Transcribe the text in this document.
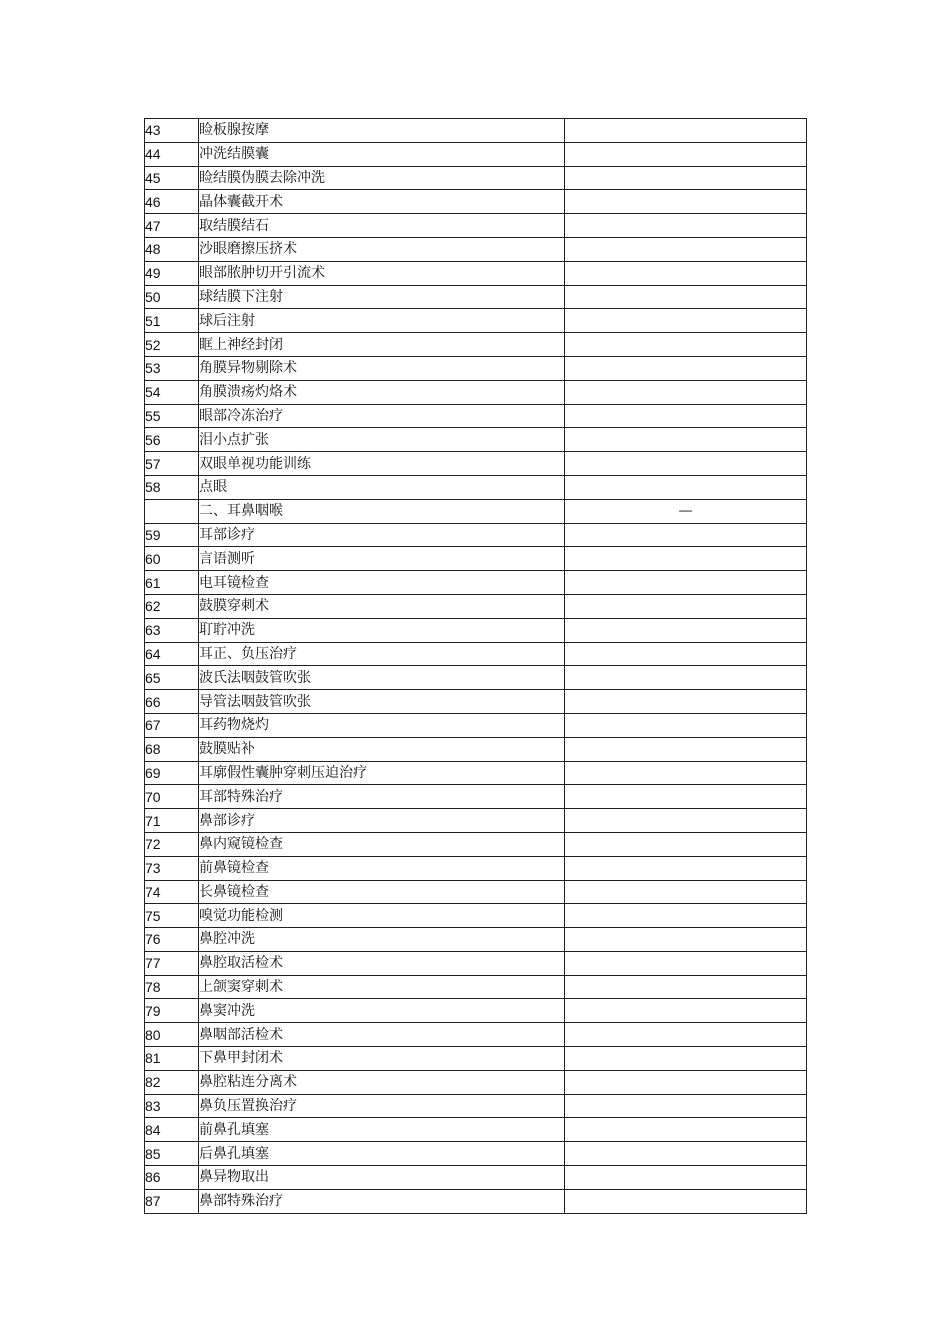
43	睑板腺按摩	
44	冲洗结膜囊	
45	睑结膜伪膜去除冲洗	
46	晶体囊截开术	
47	取结膜结石	
48	沙眼磨擦压挤术	
49	眼部脓肿切开引流术	
50	球结膜下注射	
51	球后注射	
52	眶上神经封闭	
53	角膜异物剔除术	
54	角膜溃疡灼烙术	
55	眼部冷冻治疗	
56	泪小点扩张	
57	双眼单视功能训练	
58	点眼	
	二、耳鼻咽喉	—
59	耳部诊疗	
60	言语测听	
61	电耳镜检查	
62	鼓膜穿刺术	
63	耵聍冲洗	
64	耳正、负压治疗	
65	波氏法咽鼓管吹张	
66	导管法咽鼓管吹张	
67	耳药物烧灼	
68	鼓膜贴补	
69	耳廓假性囊肿穿刺压迫治疗	
70	耳部特殊治疗	
71	鼻部诊疗	
72	鼻内窥镜检查	
73	前鼻镜检查	
74	长鼻镜检查	
75	嗅觉功能检测	
76	鼻腔冲洗	
77	鼻腔取活检术	
78	上颌窦穿刺术	
79	鼻窦冲洗	
80	鼻咽部活检术	
81	下鼻甲封闭术	
82	鼻腔粘连分离术	
83	鼻负压置换治疗	
84	前鼻孔填塞	
85	后鼻孔填塞	
86	鼻异物取出	
87	鼻部特殊治疗	
